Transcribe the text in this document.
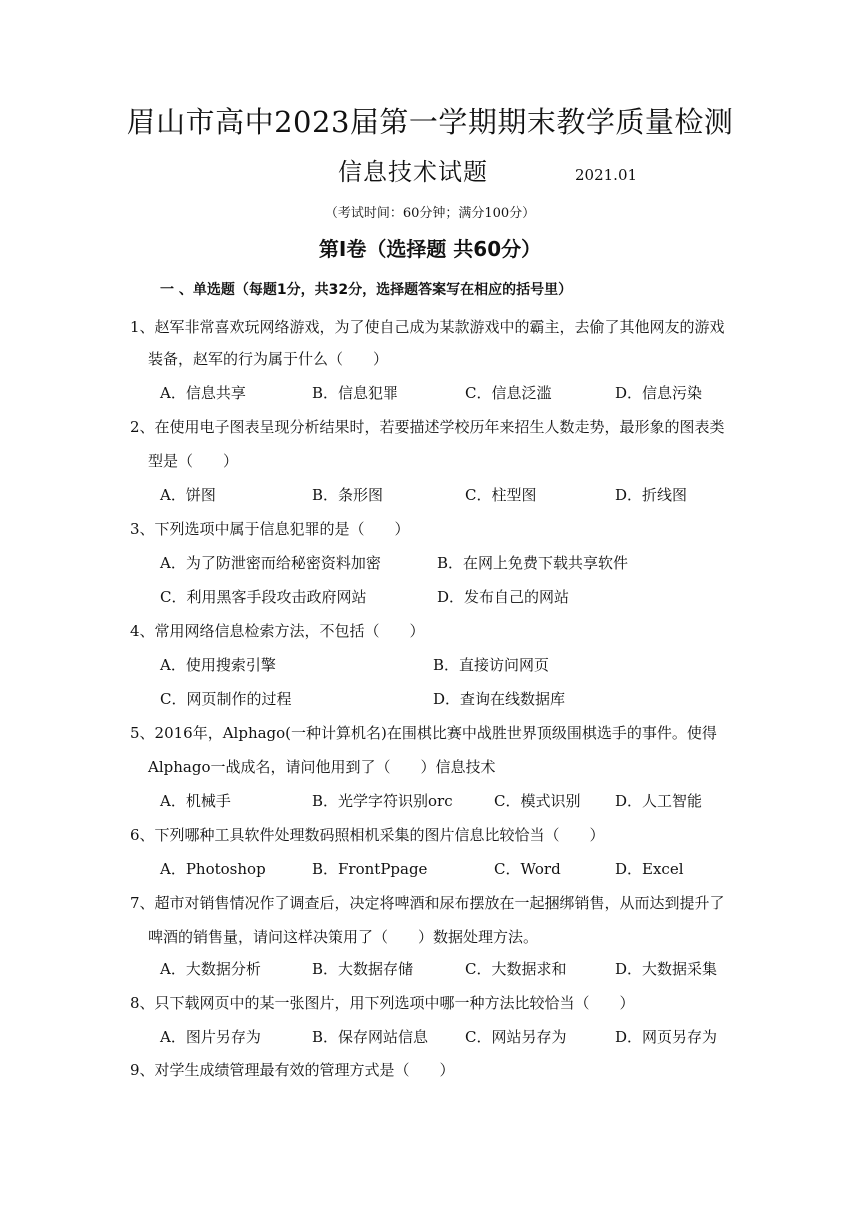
眉山市高中2023届第一学期期末教学质量检测
信息技术试题	2021.01
（考试时间：60分钟；满分100分）
第Ⅰ卷（选择题 共60分）
一 、单选题（每题1分，共32分，选择题答案写在相应的括号里）
1、赵军非常喜欢玩网络游戏，为了使自己成为某款游戏中的霸主，去偷了其他网友的游戏
装备，赵军的行为属于什么（　　）
A．信息共享	B．信息犯罪	C．信息泛滥	D．信息污染
2、在使用电子图表呈现分析结果时，若要描述学校历年来招生人数走势，最形象的图表类
型是（　　）
A．饼图	B．条形图	C．柱型图	D．折线图
3、下列选项中属于信息犯罪的是（　　）
A．为了防泄密而给秘密资料加密	B．在网上免费下载共享软件
C．利用黑客手段攻击政府网站	D．发布自己的网站
4、常用网络信息检索方法，不包括（　　）
A．使用搜索引擎	B．直接访问网页
C．网页制作的过程	D．查询在线数据库
5、2016年，Alphago(一种计算机名)在围棋比赛中战胜世界顶级围棋选手的事件。使得
Alphago一战成名，请问他用到了（　　）信息技术
A．机械手	B．光学字符识别orc	C．模式识别 D．人工智能
6、下列哪种工具软件处理数码照相机采集的图片信息比较恰当（　　）
A．Photoshop	B．FrontPpage	C．Word	D．Excel
7、超市对销售情况作了调查后，决定将啤酒和尿布摆放在一起捆绑销售，从而达到提升了
啤酒的销售量，请问这样决策用了（　　）数据处理方法。
A．大数据分析	B．大数据存储	C．大数据求和	D．大数据采集
8、只下载网页中的某一张图片，用下列选项中哪一种方法比较恰当（　　）
A．图片另存为	B．保存网站信息 C．网站另存为	D．网页另存为
9、对学生成绩管理最有效的管理方式是（　　）
